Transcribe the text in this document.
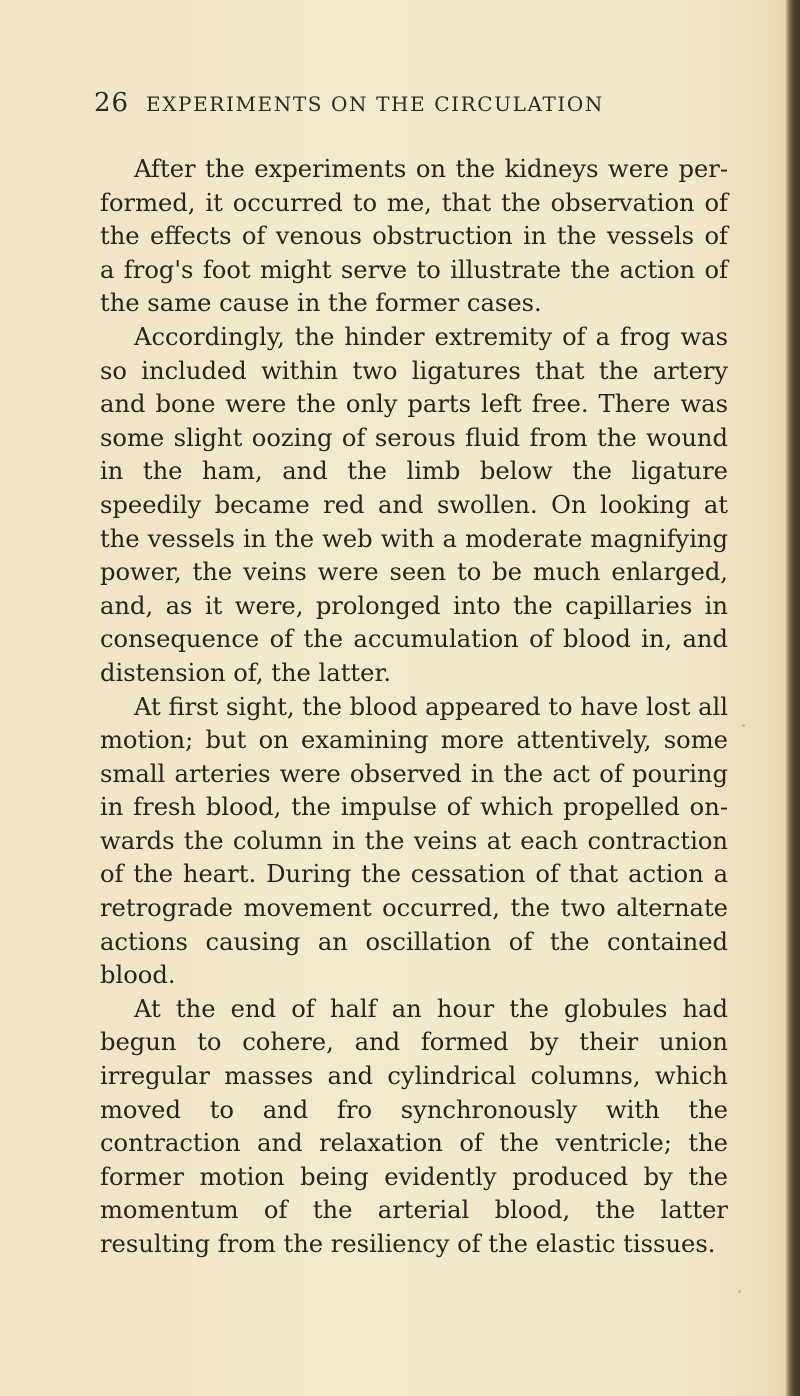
26 EXPERIMENTS ON THE CIRCULATION

After the experiments on the kidneys were per- formed, it occurred to me, that the observation of the effects of venous obstruction in the vessels of a frog's foot might serve to illustrate the action of the same cause in the former cases.

Accordingly, the hinder extremity of a frog was so included within two ligatures that the artery and bone were the only parts left free. There was some slight oozing of serous fluid from the wound in the ham, and the limb below the ligature speedily became red and swollen. On looking at the vessels in the web with a moderate magnifying power, the veins were seen to be much enlarged, and, as it were, prolonged into the capillaries in consequence of the accumulation of blood in, and distension of, the latter.

At first sight, the blood appeared to have lost all motion; but on examining more attentively, some small arteries were observed in the act of pouring in fresh blood, the impulse of which propelled on- wards the column in the veins at each contraction of the heart. During the cessation of that action a retrograde movement occurred, the two alternate actions causing an oscillation of the contained blood.

At the end of half an hour the globules had begun to cohere, and formed by their union irregular masses and cylindrical columns, which moved to and fro synchronously with the contraction and relaxation of the ventricle; the former motion being evidently produced by the momentum of the arterial blood, the latter resulting from the resiliency of the elastic tissues.
